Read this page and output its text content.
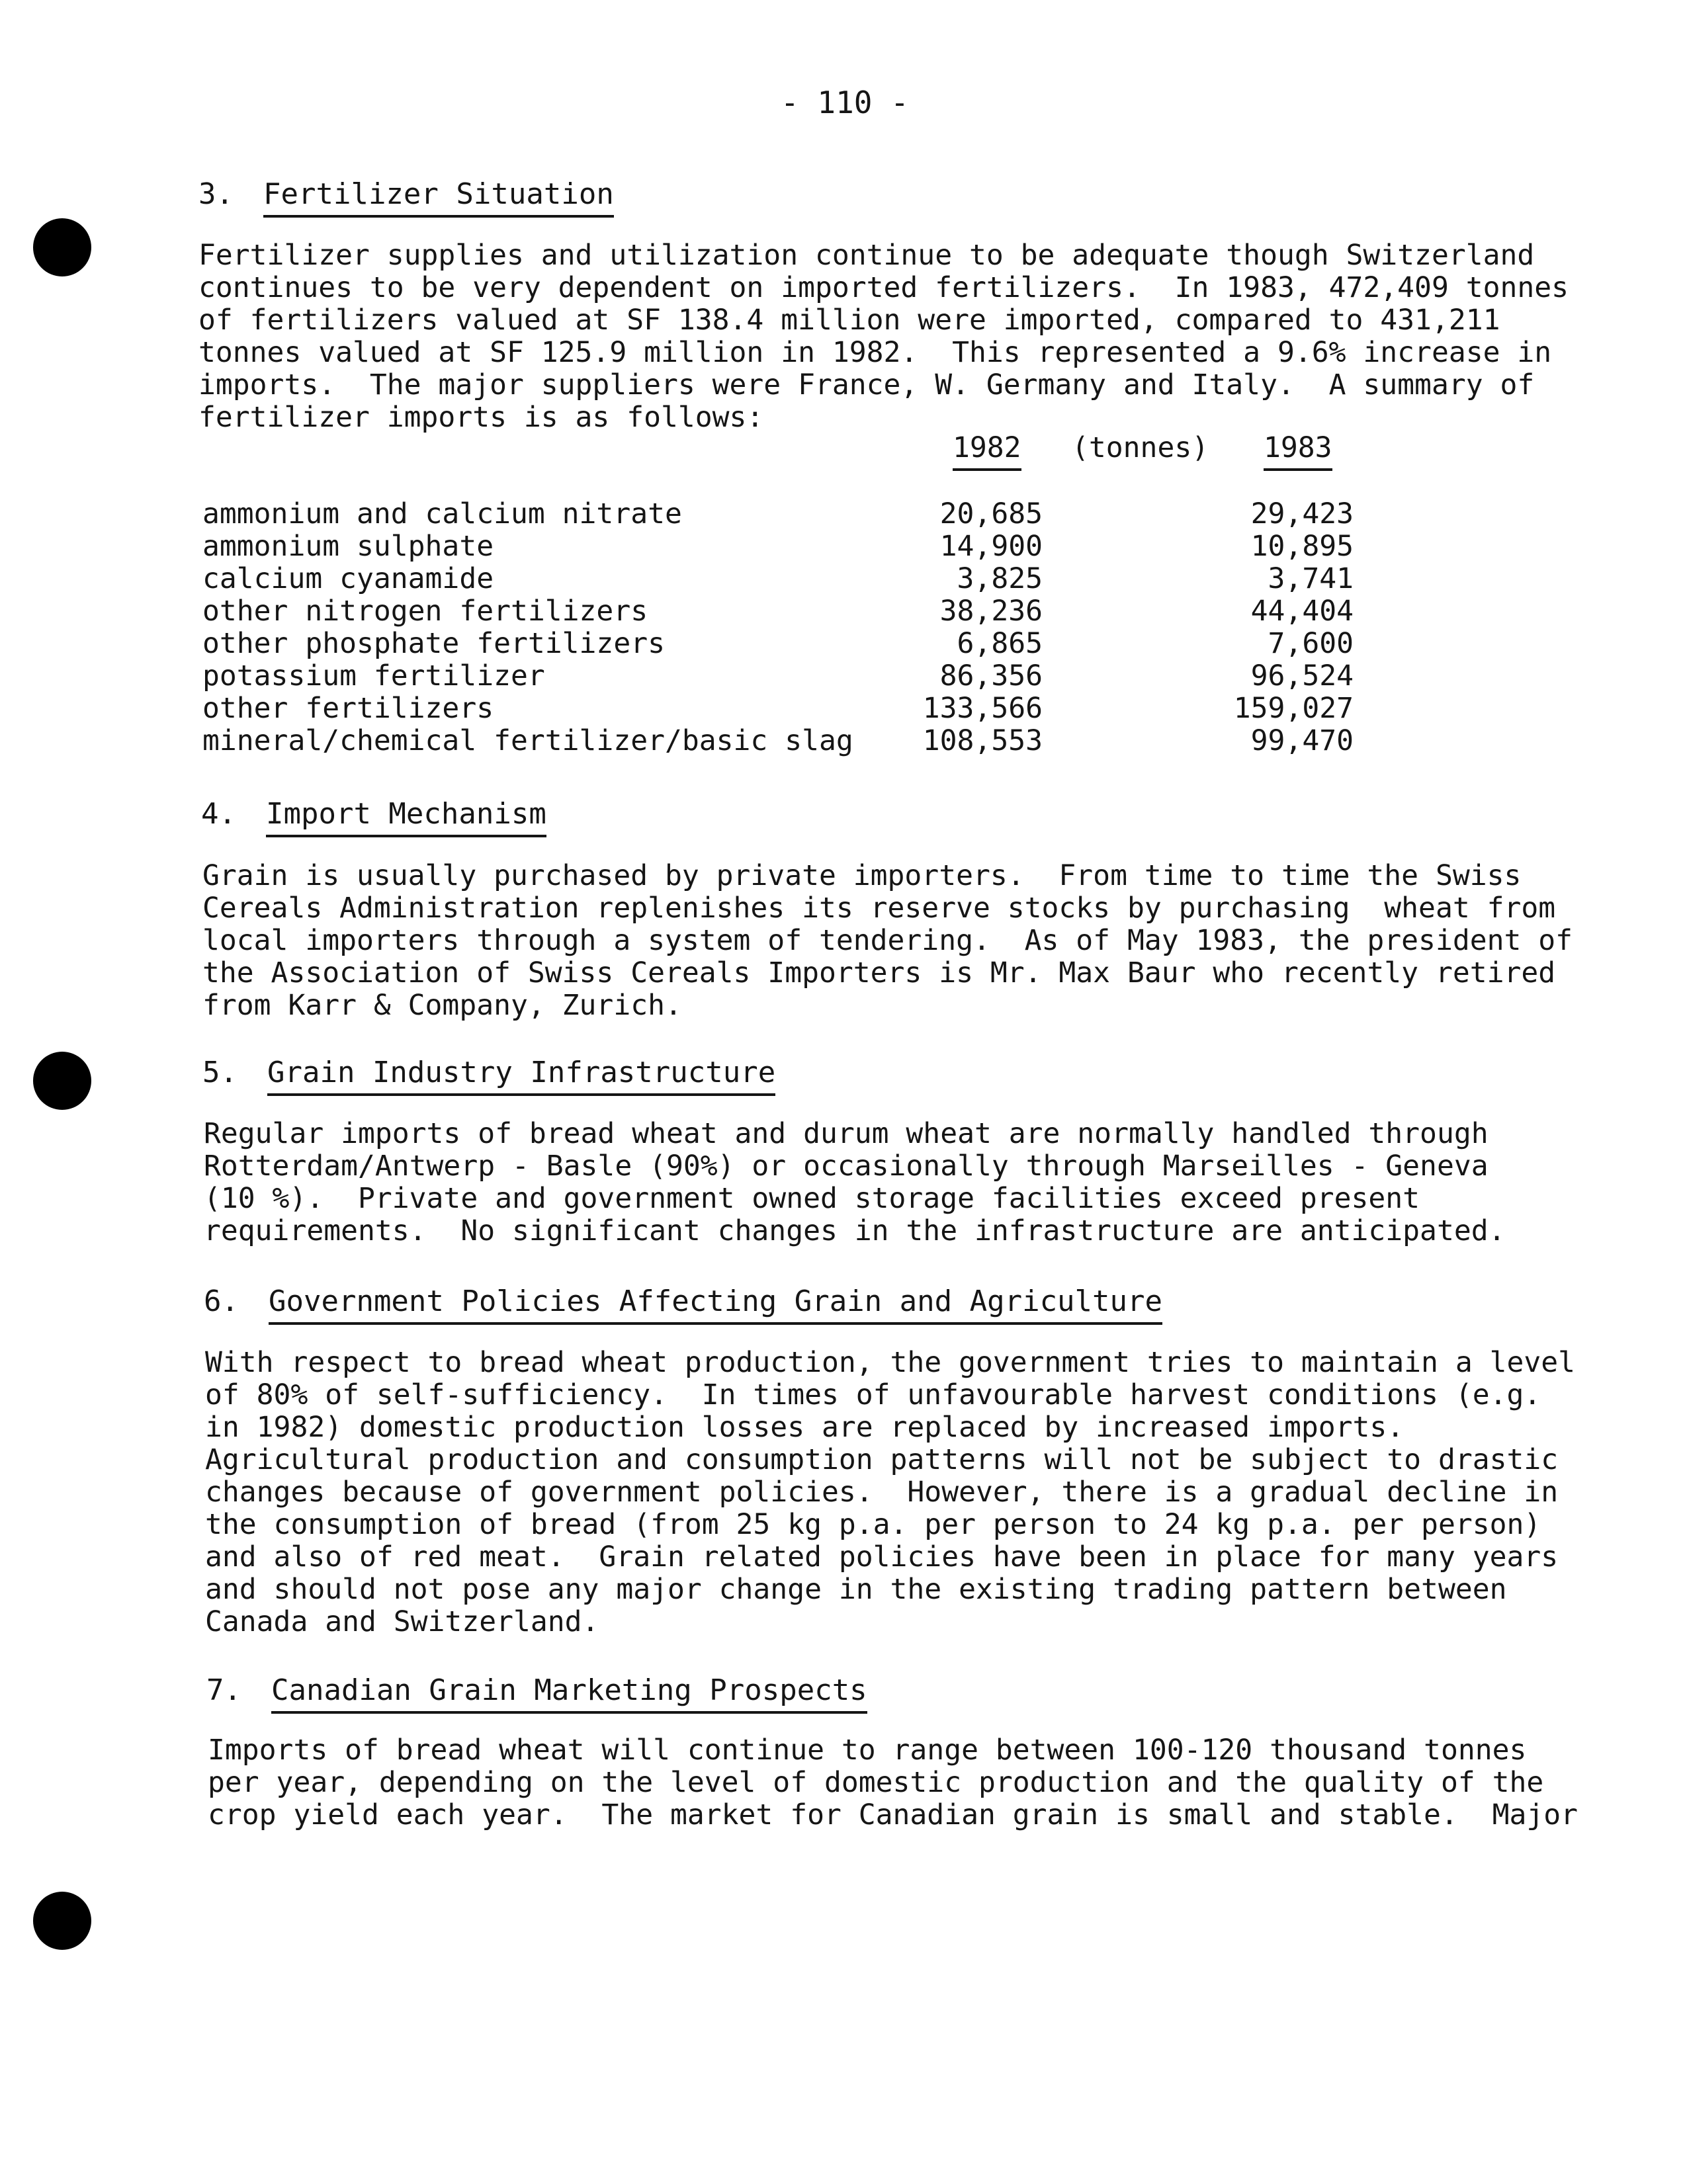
- 110 -
3. Fertilizer Situation
Fertilizer supplies and utilization continue to be adequate though Switzerland
continues to be very dependent on imported fertilizers.  In 1983, 472,409 tonnes
of fertilizers valued at SF 138.4 million were imported, compared to 431,211
tonnes valued at SF 125.9 million in 1982.  This represented a 9.6% increase in
imports.  The major suppliers were France, W. Germany and Italy.  A summary of
fertilizer imports is as follows:
1982 (tonnes) 1983
ammonium and calcium nitrate	20,685	29,423
ammonium sulphate	14,900	10,895
calcium cyanamide	3,825	3,741
other nitrogen fertilizers	38,236	44,404
other phosphate fertilizers	6,865	7,600
potassium fertilizer	86,356	96,524
other fertilizers	133,566	159,027
mineral/chemical fertilizer/basic slag 108,553	99,470
4. Import Mechanism
Grain is usually purchased by private importers.  From time to time the Swiss
Cereals Administration replenishes its reserve stocks by purchasing  wheat from
local importers through a system of tendering.  As of May 1983, the president of
the Association of Swiss Cereals Importers is Mr. Max Baur who recently retired
from Karr & Company, Zurich.
5. Grain Industry Infrastructure
Regular imports of bread wheat and durum wheat are normally handled through
Rotterdam/Antwerp - Basle (90%) or occasionally through Marseilles - Geneva
(10 %).  Private and government owned storage facilities exceed present
requirements.  No significant changes in the infrastructure are anticipated.
6. Government Policies Affecting Grain and Agriculture
With respect to bread wheat production, the government tries to maintain a level
of 80% of self-sufficiency.  In times of unfavourable harvest conditions (e.g.
in 1982) domestic production losses are replaced by increased imports.
Agricultural production and consumption patterns will not be subject to drastic
changes because of government policies.  However, there is a gradual decline in
the consumption of bread (from 25 kg p.a. per person to 24 kg p.a. per person)
and also of red meat.  Grain related policies have been in place for many years
and should not pose any major change in the existing trading pattern between
Canada and Switzerland.
7. Canadian Grain Marketing Prospects
Imports of bread wheat will continue to range between 100-120 thousand tonnes
per year, depending on the level of domestic production and the quality of the
crop yield each year.  The market for Canadian grain is small and stable.  Major
